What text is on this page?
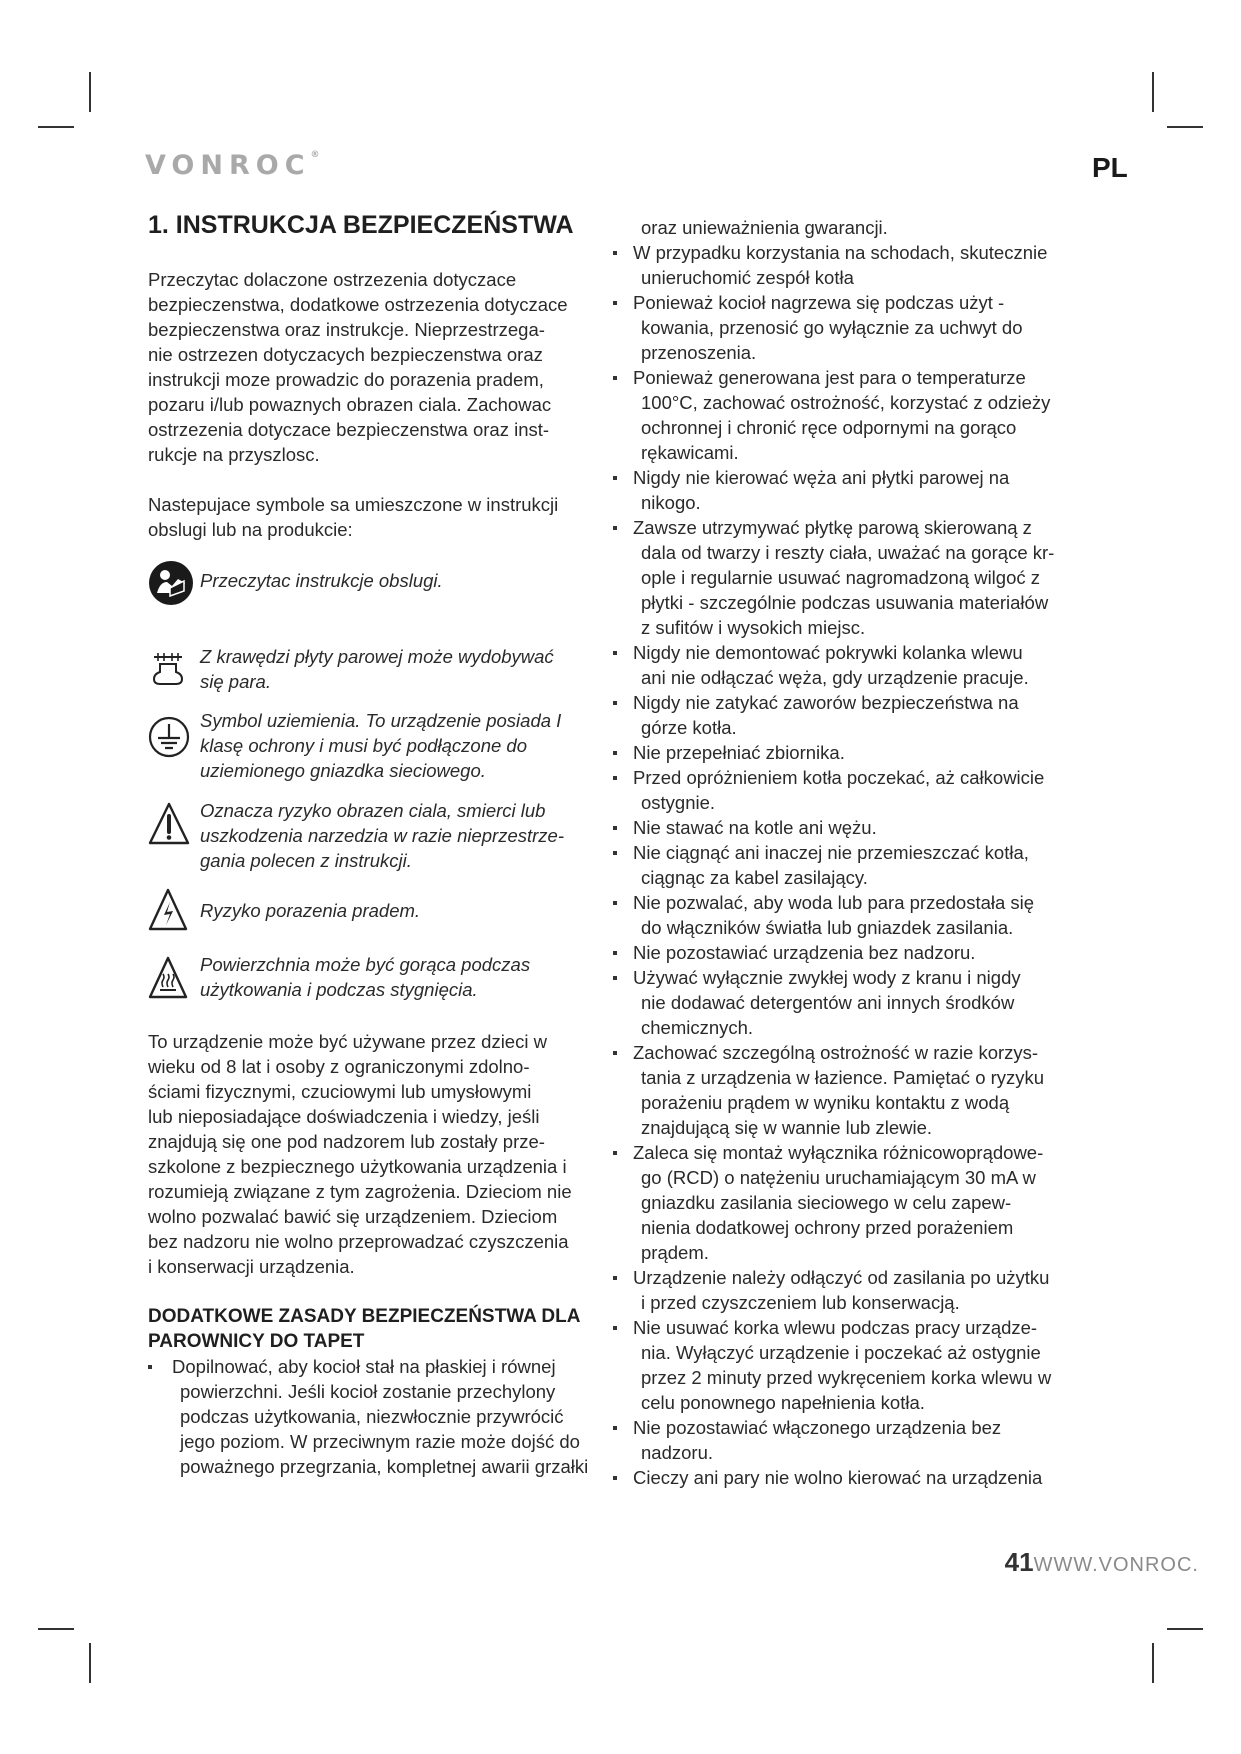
VONROC®	PL
1. INSTRUKCJA BEZPIECZEŃSTWA

Przeczytac dolaczone ostrzezenia dotyczace

bezpieczenstwa, dodatkowe ostrzezenia dotyczace

bezpieczenstwa oraz instrukcje. Nieprzestrzega-

nie ostrzezen dotyczacych bezpieczenstwa oraz

instrukcji moze prowadzic do porazenia pradem,

pozaru i/lub powaznych obrazen ciala. Zachowac

ostrzezenia dotyczace bezpieczenstwa oraz inst-

rukcje na przyszlosc.

Nastepujace symbole sa umieszczone w instrukcji

obslugi lub na produkcie:

Przeczytac instrukcje obslugi.

Z krawędzi płyty parowej może wydobywać

się para.

Symbol uziemienia. To urządzenie posiada I

klasę ochrony i musi być podłączone do

uziemionego gniazdka sieciowego.

Oznacza ryzyko obrazen ciala, smierci lub

uszkodzenia narzedzia w razie nieprzestrze-

gania polecen z instrukcji.

Ryzyko porazenia pradem.

Powierzchnia może być gorąca podczas

użytkowania i podczas stygnięcia.

To urządzenie może być używane przez dzieci w

wieku od 8 lat i osoby z ograniczonymi zdolno-

ściami fizycznymi, czuciowymi lub umysłowymi

lub nieposiadające doświadczenia i wiedzy, jeśli

znajdują się one pod nadzorem lub zostały prze-

szkolone z bezpiecznego użytkowania urządzenia i

rozumieją związane z tym zagrożenia. Dzieciom nie

wolno pozwalać bawić się urządzeniem. Dzieciom

bez nadzoru nie wolno przeprowadzać czyszczenia

i konserwacji urządzenia.

DODATKOWE ZASADY BEZPIECZEŃSTWA DLA
PAROWNICY DO TAPET
Dopilnować, aby kocioł stał na płaskiej i równej
powierzchni. Jeśli kocioł zostanie przechylony
podczas użytkowania, niezwłocznie przywrócić
jego poziom. W przeciwnym razie może dojść do
poważnego przegrzania, kompletnej awarii grzałki

oraz unieważnienia gwarancji.

W przypadku korzystania na schodach, skutecznie
unieruchomić zespół kotła
Ponieważ kocioł nagrzewa się podczas użyt -
kowania, przenosić go wyłącznie za uchwyt do
przenoszenia.
Ponieważ generowana jest para o temperaturze
100°C, zachować ostrożność, korzystać z odzieży
ochronnej i chronić ręce odpornymi na gorąco
rękawicami.
Nigdy nie kierować węża ani płytki parowej na
nikogo.
Zawsze utrzymywać płytkę parową skierowaną z
dala od twarzy i reszty ciała, uważać na gorące kr-
ople i regularnie usuwać nagromadzoną wilgoć z
płytki - szczególnie podczas usuwania materiałów
z sufitów i wysokich miejsc.
Nigdy nie demontować pokrywki kolanka wlewu
ani nie odłączać węża, gdy urządzenie pracuje.
Nigdy nie zatykać zaworów bezpieczeństwa na
górze kotła.
Nie przepełniać zbiornika.
Przed opróżnieniem kotła poczekać, aż całkowicie
ostygnie.
Nie stawać na kotle ani wężu.
Nie ciągnąć ani inaczej nie przemieszczać kotła,
ciągnąc za kabel zasilający.
Nie pozwalać, aby woda lub para przedostała się
do włączników światła lub gniazdek zasilania.
Nie pozostawiać urządzenia bez nadzoru.
Używać wyłącznie zwykłej wody z kranu i nigdy
nie dodawać detergentów ani innych środków
chemicznych.
Zachować szczególną ostrożność w razie korzys-
tania z urządzenia w łazience. Pamiętać o ryzyku
porażeniu prądem w wyniku kontaktu z wodą
znajdującą się w wannie lub zlewie.
Zaleca się montaż wyłącznika różnicowoprądowe-
go (RCD) o natężeniu uruchamiającym 30 mA w
gniazdku zasilania sieciowego w celu zapew-
nienia dodatkowej ochrony przed porażeniem
prądem.
Urządzenie należy odłączyć od zasilania po użytku
i przed czyszczeniem lub konserwacją.
Nie usuwać korka wlewu podczas pracy urządze-
nia. Wyłączyć urządzenie i poczekać aż ostygnie
przez 2 minuty przed wykręceniem korka wlewu w
celu ponownego napełnienia kotła.
Nie pozostawiać włączonego urządzenia bez
nadzoru.
Cieczy ani pary nie wolno kierować na urządzenia
41WWW.VONROC.
